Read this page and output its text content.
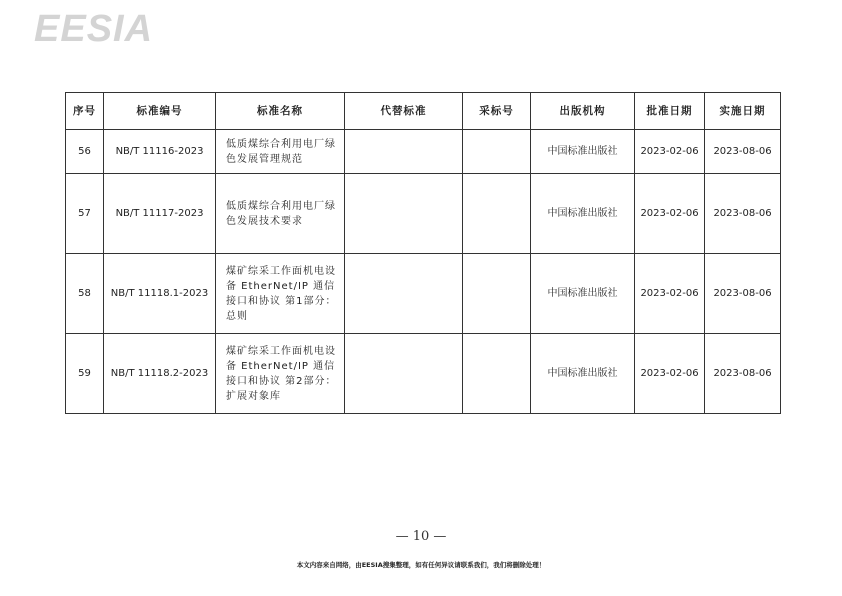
EESIA
序号	标准编号	标准名称	代替标准	采标号	出版机构	批准日期	实施日期
56	NB/T 11116-2023	低质煤综合利用电厂绿色发展管理规范			中国标准出版社	2023-02-06	2023-08-06
57	NB/T 11117-2023	低质煤综合利用电厂绿色发展技术要求			中国标准出版社	2023-02-06	2023-08-06
58	NB/T 11118.1-2023	煤矿综采工作面机电设备 EtherNet/IP 通信接口和协议 第1部分：总则			中国标准出版社	2023-02-06	2023-08-06
59	NB/T 11118.2-2023	煤矿综采工作面机电设备 EtherNet/IP 通信接口和协议 第2部分：扩展对象库			中国标准出版社	2023-02-06	2023-08-06
— 10 —
本文内容来自网络，由EESIA搜集整理，如有任何异议请联系我们，我们将删除处理！
